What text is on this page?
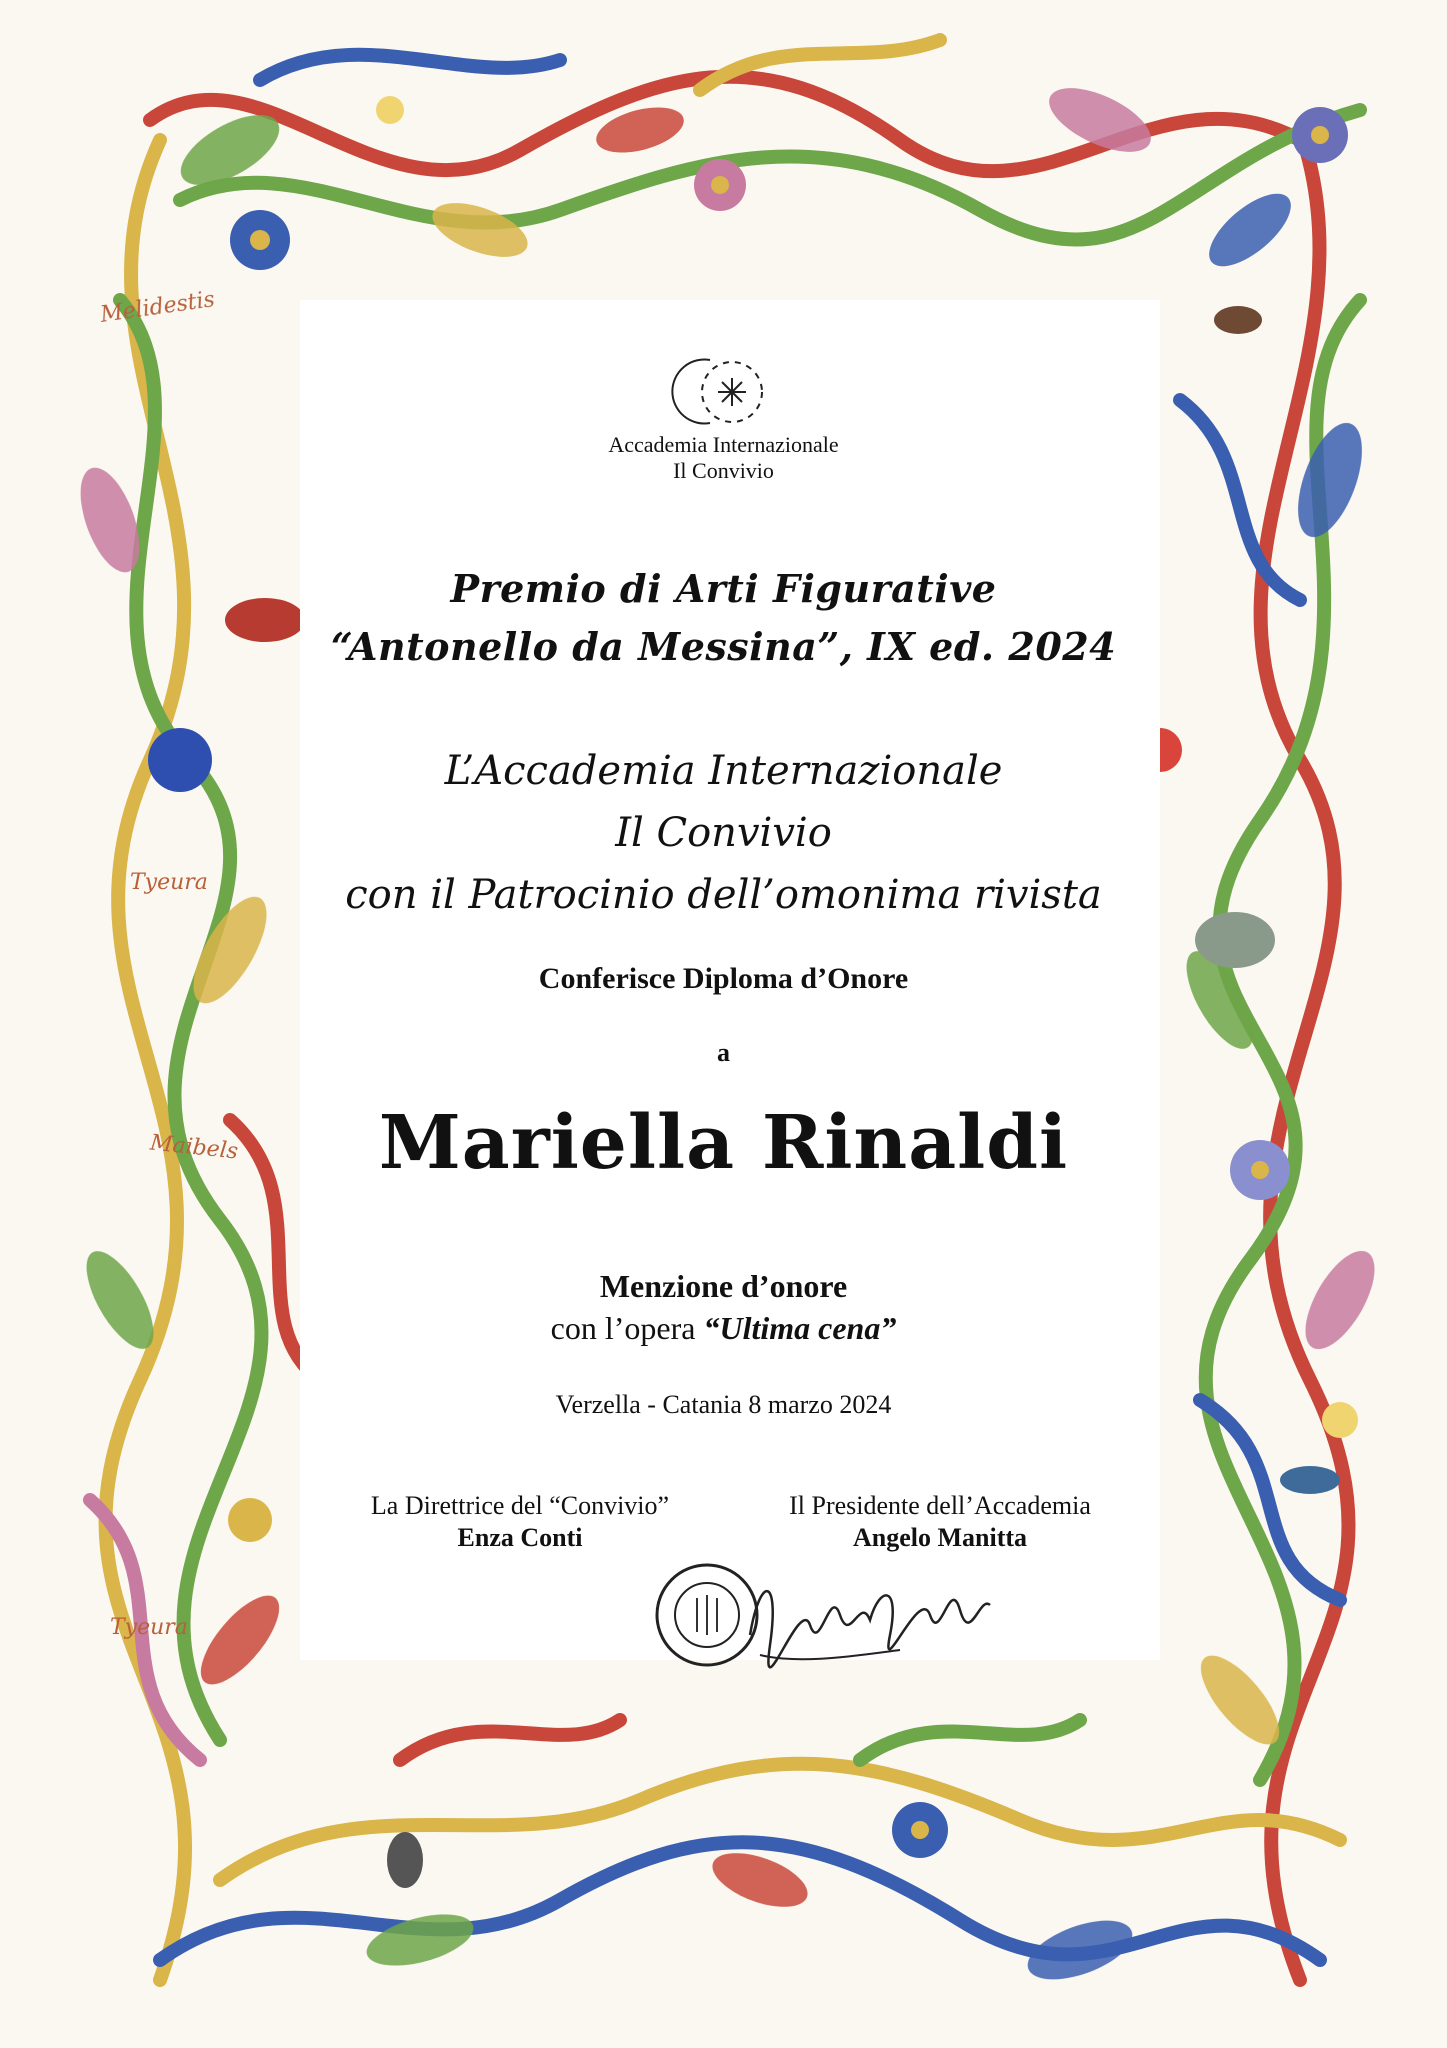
Accademia Internazionale
Il Convivio
Premio di Arti Figurative
“Antonello da Messina”, IX ed. 2024
L’Accademia Internazionale
Il Convivio
con il Patrocinio dell’omonima rivista
Conferisce Diploma d’Onore
a
Mariella Rinaldi
Menzione d’onore
con l’opera “Ultima cena”
Verzella - Catania 8 marzo 2024
La Direttrice del “Convivio”
Enza Conti
Il Presidente dell’Accademia
Angelo Manitta
Melidestis
Tyeura
Maibels
Tyeura
